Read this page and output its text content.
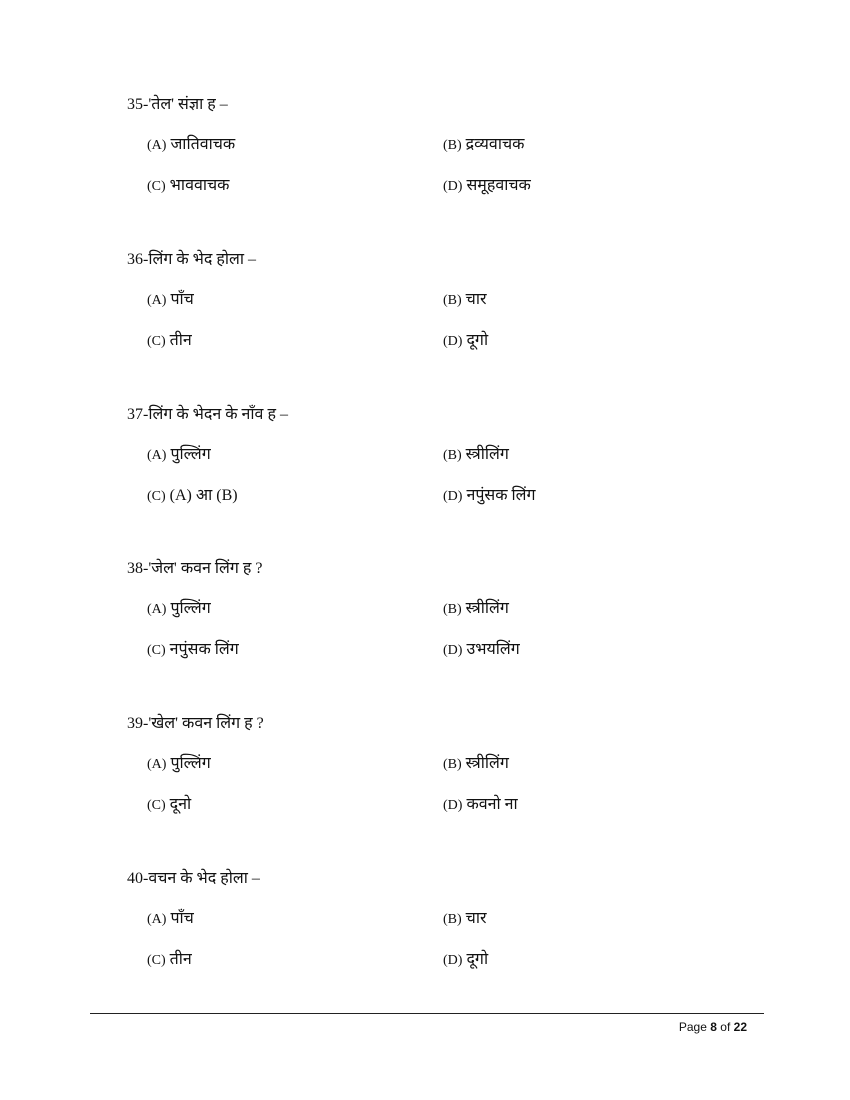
35-'तेल' संज्ञा ह –
(A) जातिवाचक	(B) द्रव्यवाचक
(C) भाववाचक	(D) समूहवाचक
36-लिंग के भेद होला –
(A) पाँच	(B) चार
(C) तीन	(D) दूगो
37-लिंग के भेदन के नाँव ह –
(A) पुल्लिंग	(B) स्त्रीलिंग
(C) (A) आ (B)	(D) नपुंसक लिंग
38-'जेल' कवन लिंग ह ?
(A) पुल्लिंग	(B) स्त्रीलिंग
(C) नपुंसक लिंग	(D) उभयलिंग
39-'खेल' कवन लिंग ह ?
(A) पुल्लिंग	(B) स्त्रीलिंग
(C) दूनो	(D) कवनो ना
40-वचन के भेद होला –
(A) पाँच	(B) चार
(C) तीन	(D) दूगो
Page 8 of 22
